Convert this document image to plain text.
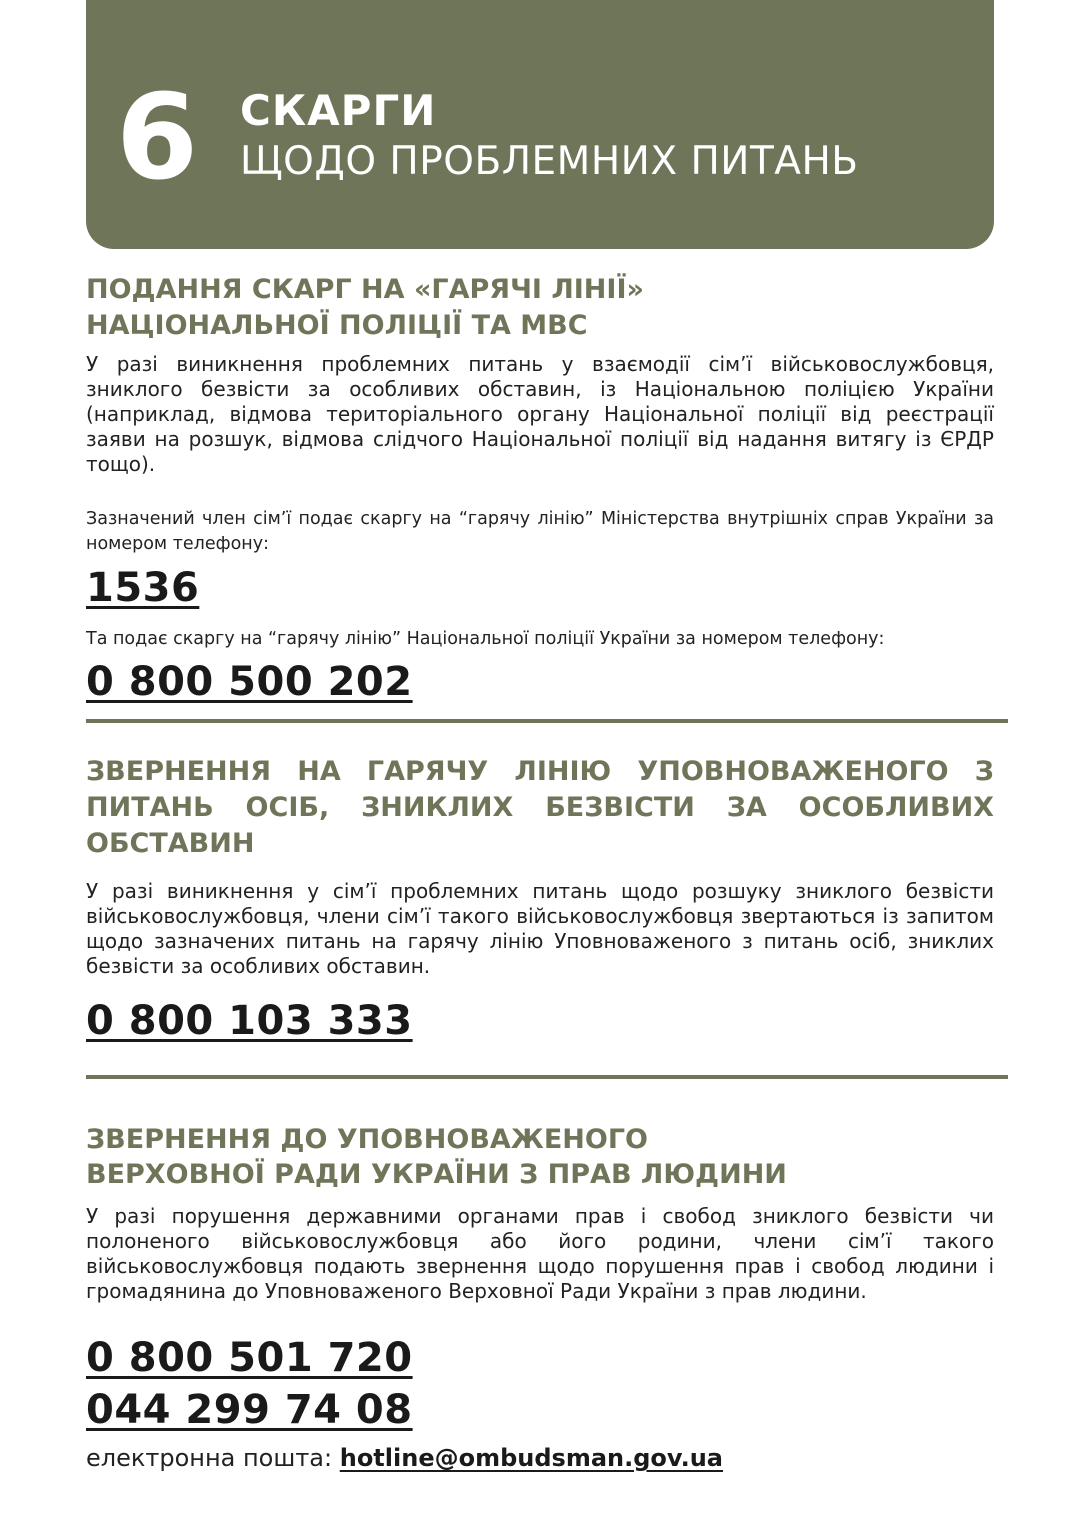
6 СКАРГИ

ЩОДО ПРОБЛЕМНИХ ПИТАНЬ

ПОДАННЯ СКАРГ НА «ГАРЯЧІ ЛІНІЇ»

НАЦІОНАЛЬНОЇ ПОЛІЦІЇ ТА МВС

У разі виникнення проблемних питань у взаємодії сім’ї військовослужбовця, зниклого безвісти за особливих обставин, із Національною поліцією України (наприклад, відмова територіального органу Національної поліції від реєстрації заяви на розшук, відмова слідчого Національної поліції від надання витягу із ЄРДР тощо).

Зазначений член сім’ї подає скаргу на “гарячу лінію” Міністерства внутрішніх справ України за номером телефону:

1536

Та подає скаргу на “гарячу лінію” Національної поліції України за номером телефону:

0 800 500 202

ЗВЕРНЕННЯ НА ГАРЯЧУ ЛІНІЮ УПОВНОВАЖЕНОГО З ПИТАНЬ ОСІБ, ЗНИКЛИХ БЕЗВІСТИ ЗА ОСОБЛИВИХ ОБСТАВИН

У разі виникнення у сім’ї проблемних питань щодо розшуку зниклого безвісти військовослужбовця, члени сім’ї такого військовослужбовця звертаються із запитом щодо зазначених питань на гарячу лінію Уповноваженого з питань осіб, зниклих безвісти за особливих обставин.

0 800 103 333

ЗВЕРНЕННЯ ДО УПОВНОВАЖЕНОГО

ВЕРХОВНОЇ РАДИ УКРАЇНИ З ПРАВ ЛЮДИНИ

У разі порушення державними органами прав і свобод зниклого безвісти чи полоненого військовослужбовця або його родини, члени сім’ї такого військовослужбовця подають звернення щодо порушення прав і свобод людини і громадянина до Уповноваженого Верховної Ради України з прав людини.

0 800 501 720

044 299 74 08

електронна пошта: hotline@ombudsman.gov.ua
